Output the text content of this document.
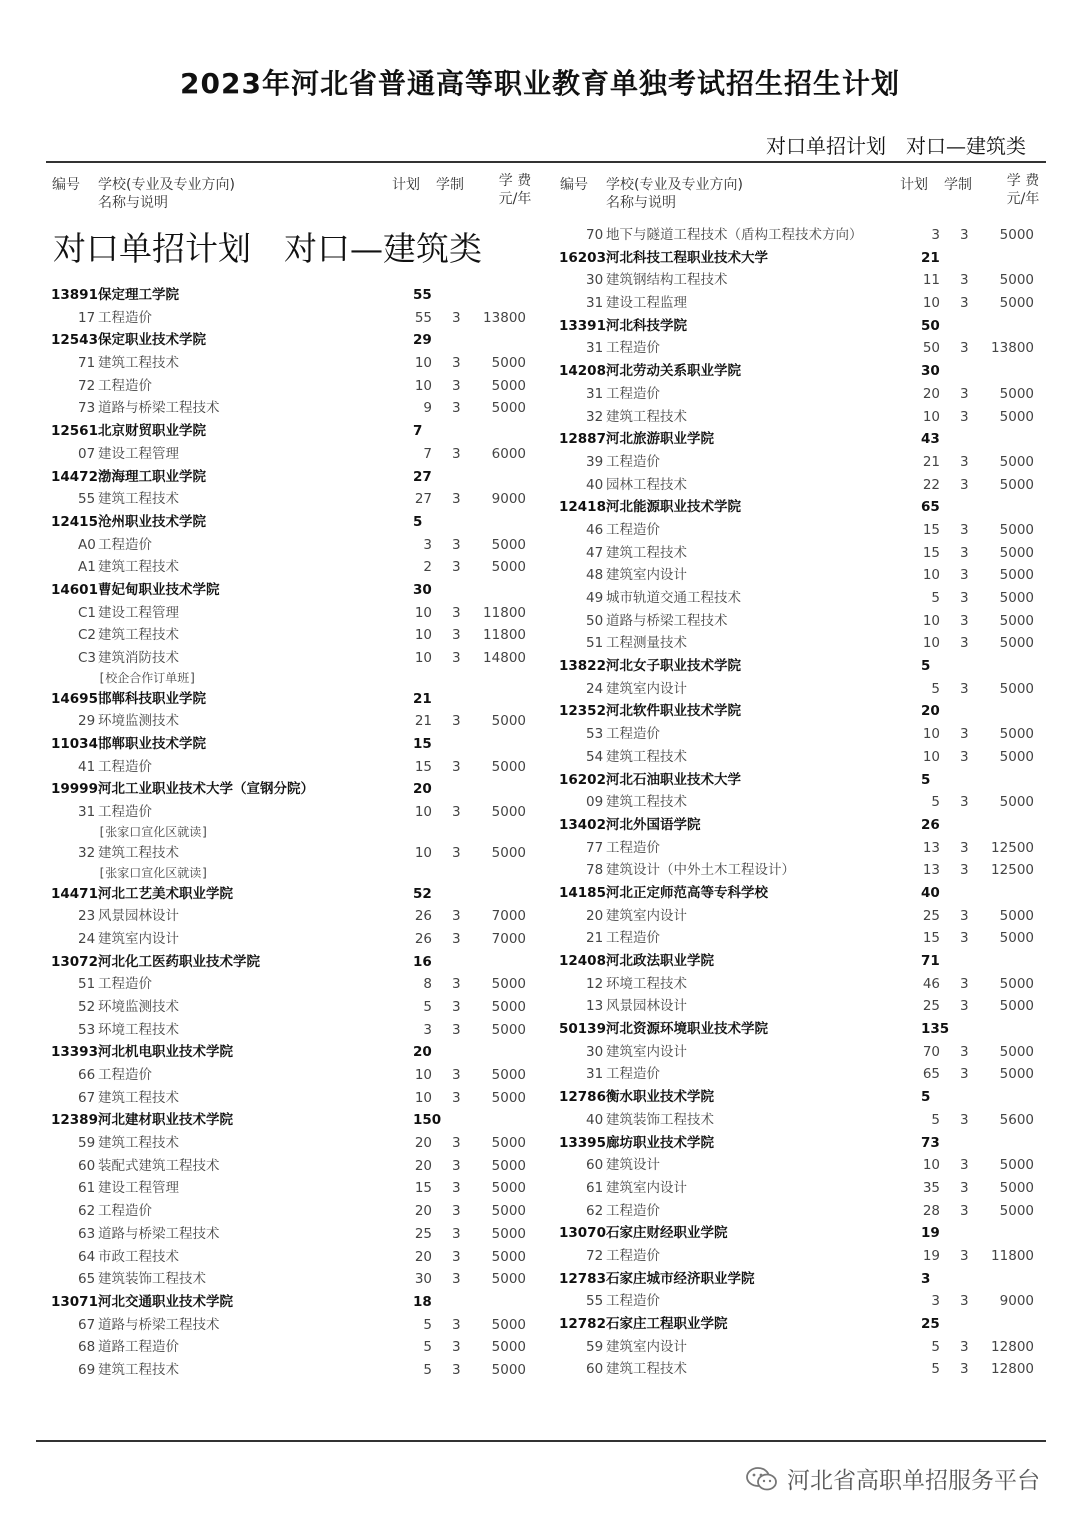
2023年河北省普通高等职业教育单独考试招生招生计划
对口单招计划　对口—建筑类
编号 学校(专业及专业方向)
名称与说明
计划 学制	学 费
元/年
对口单招计划　对口—建筑类
13891 保定理工学院	55
17 工程造价	55 3 13800
12543 保定职业技术学院	29
71 建筑工程技术	10 3	5000
72 工程造价	10 3	5000
73 道路与桥梁工程技术	9 3	5000
12561 北京财贸职业学院	7
07 建设工程管理	7 3	6000
14472 渤海理工职业学院	27
55 建筑工程技术	27 3	9000
12415 沧州职业技术学院	5
A0 工程造价	3 3	5000
A1 建筑工程技术	2 3	5000
14601 曹妃甸职业技术学院	30
C1 建设工程管理	10 3 11800
C2 建筑工程技术	10 3 11800
C3 建筑消防技术	10 3 14800
[校企合作订单班]
14695 邯郸科技职业学院	21
29 环境监测技术	21 3	5000
11034 邯郸职业技术学院	15
41 工程造价	15 3	5000
19999 河北工业职业技术大学（宣钢分院）	20
31 工程造价	10 3	5000
[张家口宣化区就读]
32 建筑工程技术	10 3	5000
[张家口宣化区就读]
14471 河北工艺美术职业学院	52
23 风景园林设计	26 3	7000
24 建筑室内设计	26 3	7000
13072 河北化工医药职业技术学院	16
51 工程造价	8 3	5000
52 环境监测技术	5 3	5000
53 环境工程技术	3 3	5000
13393 河北机电职业技术学院	20
66 工程造价	10 3	5000
67 建筑工程技术	10 3	5000
12389 河北建材职业技术学院	150
59 建筑工程技术	20 3	5000
60 装配式建筑工程技术	20 3	5000
61 建设工程管理	15 3	5000
62 工程造价	20 3	5000
63 道路与桥梁工程技术	25 3	5000
64 市政工程技术	20 3	5000
65 建筑装饰工程技术	30 3	5000
13071 河北交通职业技术学院	18
67 道路与桥梁工程技术	5 3	5000
68 道路工程造价	5 3	5000
69 建筑工程技术	5 3	5000
编号 学校(专业及专业方向)
名称与说明
计划 学制	学 费
元/年
70 地下与隧道工程技术（盾构工程技术方向）	3 3	5000
16203 河北科技工程职业技术大学	21
30 建筑钢结构工程技术	11 3	5000
31 建设工程监理	10 3	5000
13391 河北科技学院	50
31 工程造价	50 3 13800
14208 河北劳动关系职业学院	30
31 工程造价	20 3	5000
32 建筑工程技术	10 3	5000
12887 河北旅游职业学院	43
39 工程造价	21 3	5000
40 园林工程技术	22 3	5000
12418 河北能源职业技术学院	65
46 工程造价	15 3	5000
47 建筑工程技术	15 3	5000
48 建筑室内设计	10 3	5000
49 城市轨道交通工程技术	5 3	5000
50 道路与桥梁工程技术	10 3	5000
51 工程测量技术	10 3	5000
13822 河北女子职业技术学院	5
24 建筑室内设计	5 3	5000
12352 河北软件职业技术学院	20
53 工程造价	10 3	5000
54 建筑工程技术	10 3	5000
16202 河北石油职业技术大学	5
09 建筑工程技术	5 3	5000
13402 河北外国语学院	26
77 工程造价	13 3 12500
78 建筑设计（中外土木工程设计）	13 3 12500
14185 河北正定师范高等专科学校	40
20 建筑室内设计	25 3	5000
21 工程造价	15 3	5000
12408 河北政法职业学院	71
12 环境工程技术	46 3	5000
13 风景园林设计	25 3	5000
50139 河北资源环境职业技术学院	135
30 建筑室内设计	70 3	5000
31 工程造价	65 3	5000
12786 衡水职业技术学院	5
40 建筑装饰工程技术	5 3	5600
13395 廊坊职业技术学院	73
60 建筑设计	10 3	5000
61 建筑室内设计	35 3	5000
62 工程造价	28 3	5000
13070 石家庄财经职业学院	19
72 工程造价	19 3 11800
12783 石家庄城市经济职业学院	3
55 工程造价	3 3	9000
12782 石家庄工程职业学院	25
59 建筑室内设计	5 3 12800
60 建筑工程技术	5 3 12800
河北省高职单招服务平台
